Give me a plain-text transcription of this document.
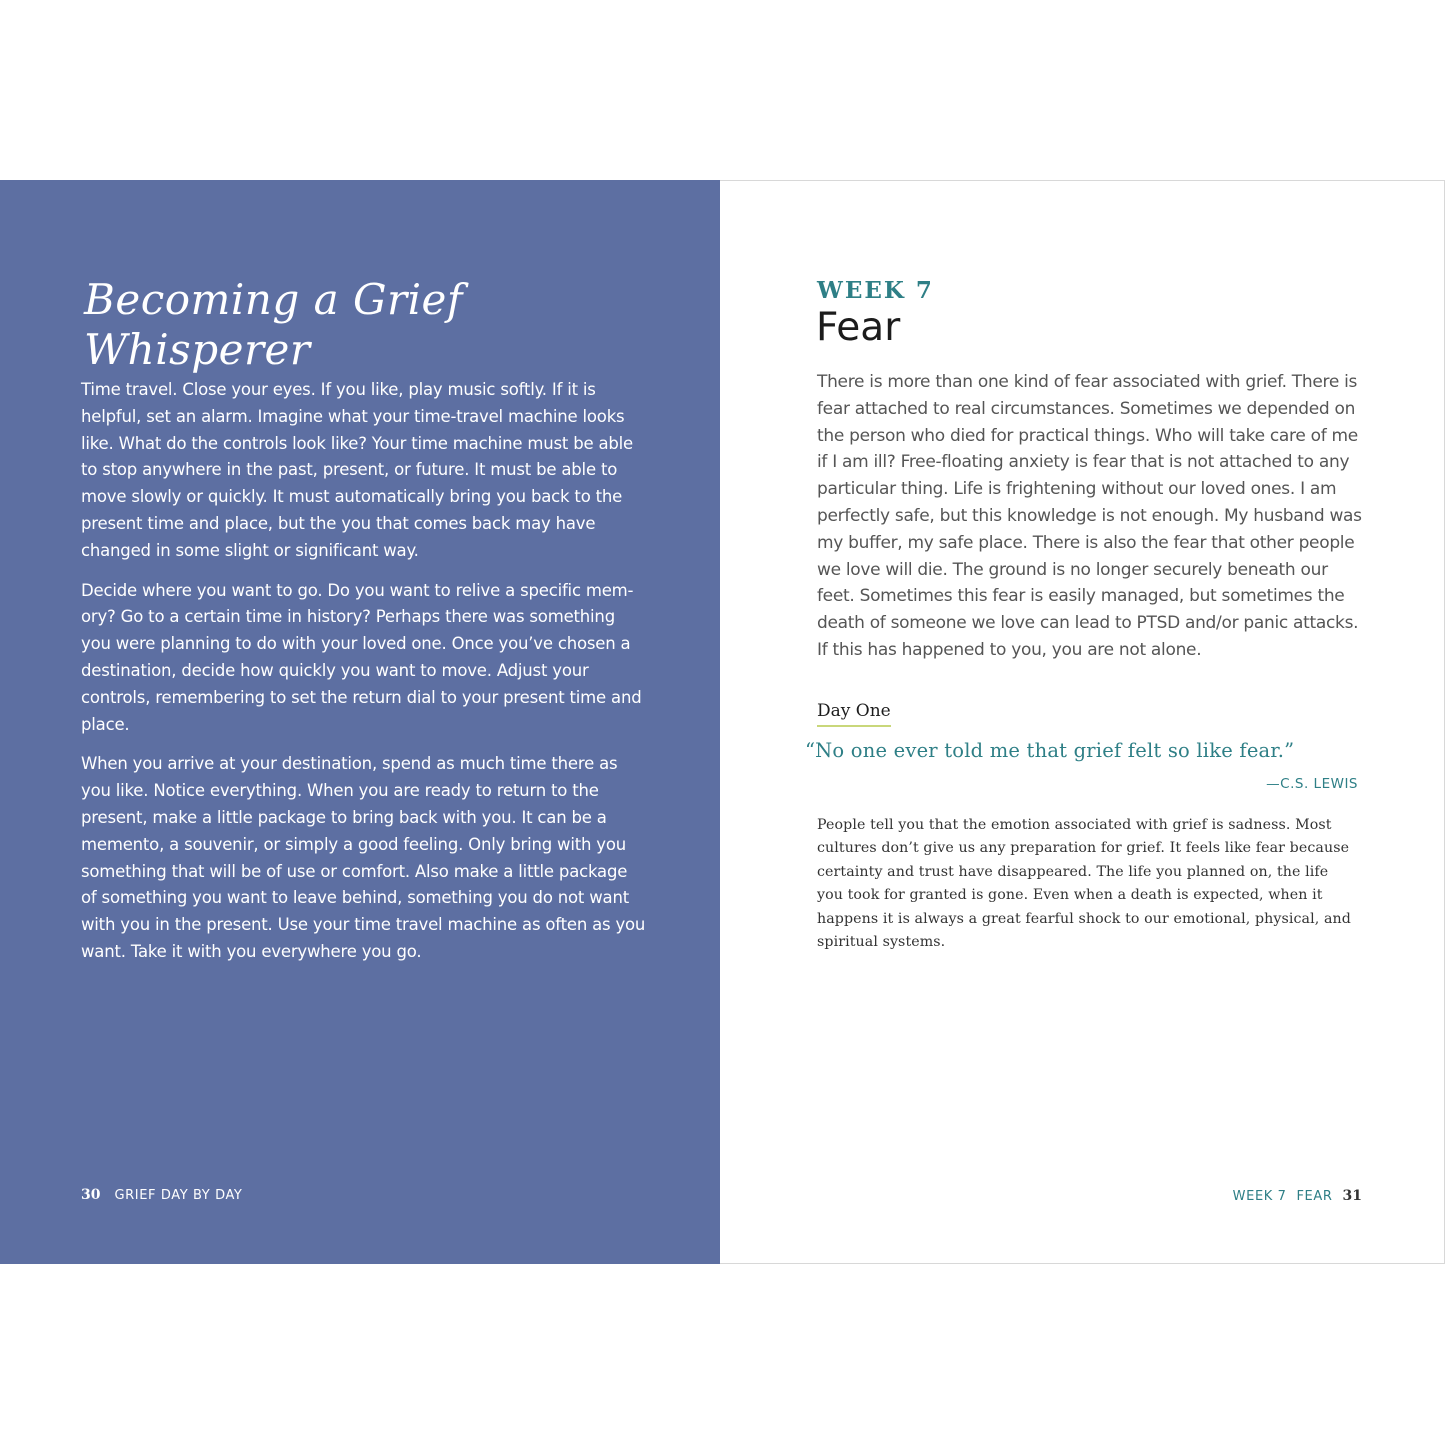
Becoming a Grief Whisperer

Time travel. Close your eyes. If you like, play music softly. If it is helpful, set an alarm. Imagine what your time-travel machine looks like. What do the controls look like? Your time machine must be able to stop anywhere in the past, present, or future. It must be able to move slowly or quickly. It must automatically bring you back to the present time and place, but the you that comes back may have changed in some slight or significant way.

Decide where you want to go. Do you want to relive a specific mem-ory? Go to a certain time in history? Perhaps there was something you were planning to do with your loved one. Once you’ve chosen a destination, decide how quickly you want to move. Adjust your controls, remembering to set the return dial to your present time and place.

When you arrive at your destination, spend as much time there as you like. Notice everything. When you are ready to return to the present, make a little package to bring back with you. It can be a memento, a souvenir, or simply a good feeling. Only bring with you something that will be of use or comfort. Also make a little package of something you want to leave behind, something you do not want with you in the present. Use your time travel machine as often as you want. Take it with you everywhere you go.

30 GRIEF DAY BY DAY
WEEK 7
Fear

There is more than one kind of fear associated with grief. There is fear attached to real circumstances. Sometimes we depended on the person who died for practical things. Who will take care of me if I am ill? Free-floating anxiety is fear that is not attached to any particular thing. Life is frightening without our loved ones. I am perfectly safe, but this knowledge is not enough. My husband was my buffer, my safe place. There is also the fear that other people we love will die. The ground is no longer securely beneath our feet. Sometimes this fear is easily managed, but sometimes the death of someone we love can lead to PTSD and/or panic attacks. If this has happened to you, you are not alone.

Day One

“No one ever told me that grief felt so like fear.”

—C.S. LEWIS

People tell you that the emotion associated with grief is sadness. Most cultures don’t give us any preparation for grief. It feels like fear because certainty and trust have disappeared. The life you planned on, the life you took for granted is gone. Even when a death is expected, when it happens it is always a great fearful shock to our emotional, physical, and spiritual systems.

WEEK 7 FEAR 31
